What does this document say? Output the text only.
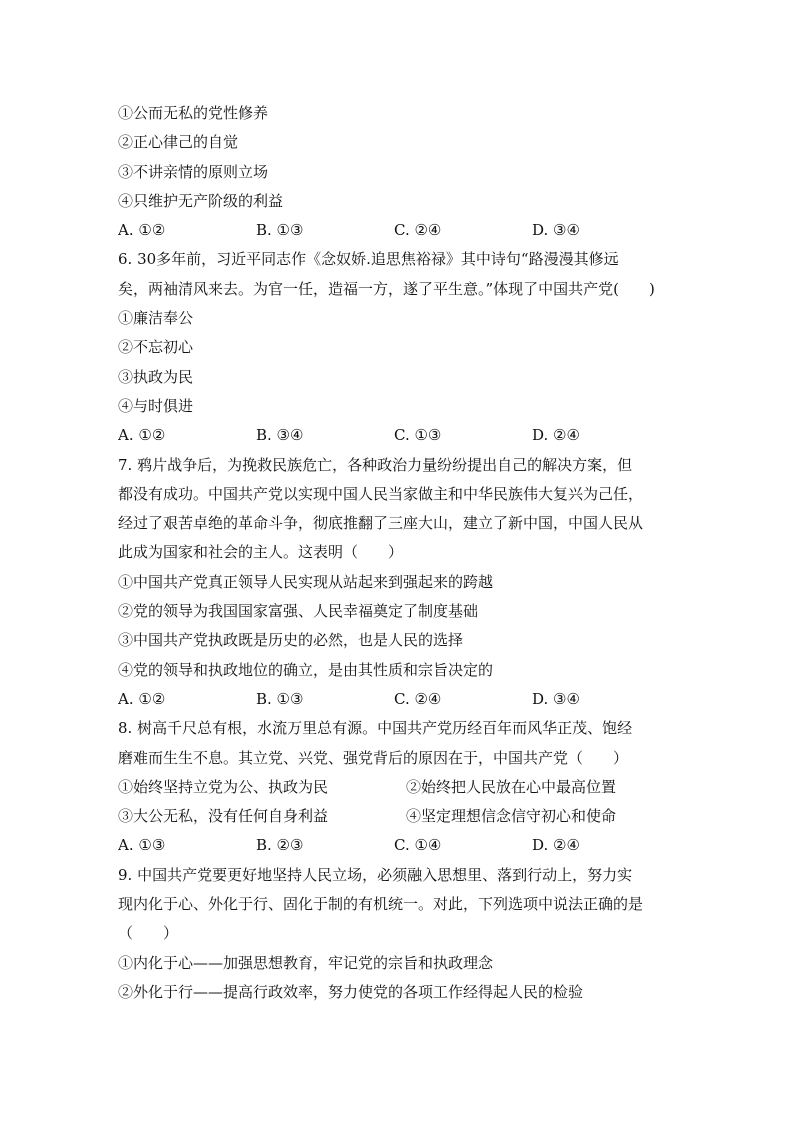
①公而无私的党性修养
②正心律己的自觉
③不讲亲情的原则立场
④只维护无产阶级的利益
A. ①②	B. ①③	C. ②④	D. ③④
6. 30多年前，习近平同志作《念奴娇.追思焦裕禄》其中诗句“路漫漫其修远
矣，两袖清风来去。为官一任，造福一方，遂了平生意。”体现了中国共产党(　　)
①廉洁奉公
②不忘初心
③执政为民
④与时俱进
A. ①②	B. ③④	C. ①③	D. ②④
7. 鸦片战争后，为挽救民族危亡，各种政治力量纷纷提出自己的解决方案，但
都没有成功。中国共产党以实现中国人民当家做主和中华民族伟大复兴为己任，
经过了艰苦卓绝的革命斗争，彻底推翻了三座大山，建立了新中国，中国人民从
此成为国家和社会的主人。这表明（　　）
①中国共产党真正领导人民实现从站起来到强起来的跨越
②党的领导为我国国家富强、人民幸福奠定了制度基础
③中国共产党执政既是历史的必然，也是人民的选择
④党的领导和执政地位的确立，是由其性质和宗旨决定的
A. ①②	B. ①③	C. ②④	D. ③④
8. 树高千尺总有根，水流万里总有源。中国共产党历经百年而风华正茂、饱经
磨难而生生不息。其立党、兴党、强党背后的原因在于，中国共产党（　　）
①始终坚持立党为公、执政为民	②始终把人民放在心中最高位置
③大公无私，没有任何自身利益	④坚定理想信念信守初心和使命
A. ①③	B. ②③	C. ①④	D. ②④
9. 中国共产党要更好地坚持人民立场，必须融入思想里、落到行动上，努力实
现内化于心、外化于行、固化于制的有机统一。对此，下列选项中说法正确的是
（　　）
①内化于心——加强思想教育，牢记党的宗旨和执政理念
②外化于行——提高行政效率，努力使党的各项工作经得起人民的检验
